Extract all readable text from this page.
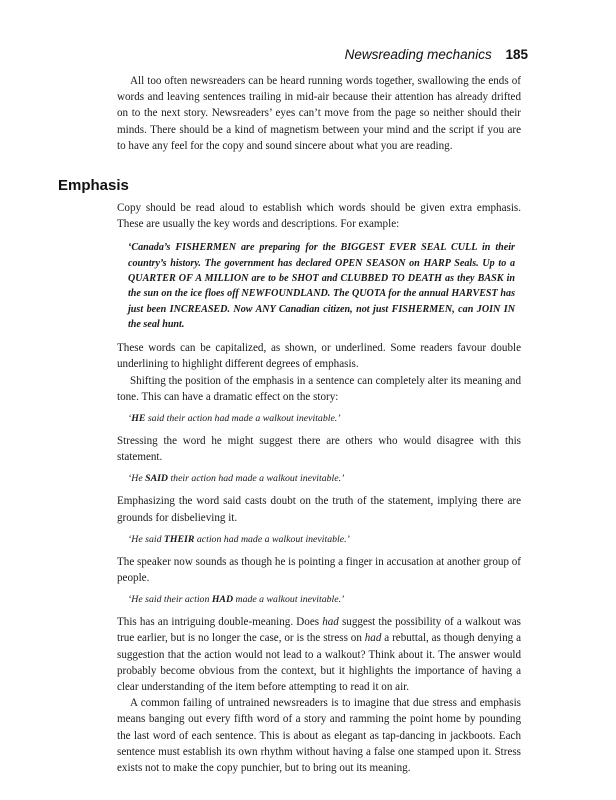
Newsreading mechanics 185

All too often newsreaders can be heard running words together, swallowing the ends of words and leaving sentences trailing in mid-air because their attention has already drifted on to the next story. Newsreaders’ eyes can’t move from the page so neither should their minds. There should be a kind of magnetism between your mind and the script if you are to have any feel for the copy and sound sincere about what you are reading.

Emphasis

Copy should be read aloud to establish which words should be given extra emphasis. These are usually the key words and descriptions. For example:

‘Canada’s FISHERMEN are preparing for the BIGGEST EVER SEAL CULL in their country’s history. The government has declared OPEN SEASON on HARP Seals. Up to a QUARTER OF A MILLION are to be SHOT and CLUBBED TO DEATH as they BASK in the sun on the ice floes off NEWFOUNDLAND. The QUOTA for the annual HARVEST has just been INCREASED. Now ANY Canadian citizen, not just FISHERMEN, can JOIN IN the seal hunt.

These words can be capitalized, as shown, or underlined. Some readers favour double underlining to highlight different degrees of emphasis.

Shifting the position of the emphasis in a sentence can completely alter its meaning and tone. This can have a dramatic effect on the story:

‘HE said their action had made a walkout inevitable.’

Stressing the word he might suggest there are others who would disagree with this statement.

‘He SAID their action had made a walkout inevitable.’

Emphasizing the word said casts doubt on the truth of the statement, implying there are grounds for disbelieving it.

‘He said THEIR action had made a walkout inevitable.’

The speaker now sounds as though he is pointing a finger in accusation at another group of people.

‘He said their action HAD made a walkout inevitable.’

This has an intriguing double-meaning. Does had suggest the possibility of a walkout was true earlier, but is no longer the case, or is the stress on had a rebuttal, as though denying a suggestion that the action would not lead to a walkout? Think about it. The answer would probably become obvious from the context, but it highlights the importance of having a clear understanding of the item before attempting to read it on air.

A common failing of untrained newsreaders is to imagine that due stress and emphasis means banging out every fifth word of a story and ramming the point home by pounding the last word of each sentence. This is about as elegant as tap-dancing in jackboots. Each sentence must establish its own rhythm without having a false one stamped upon it. Stress exists not to make the copy punchier, but to bring out its meaning.
